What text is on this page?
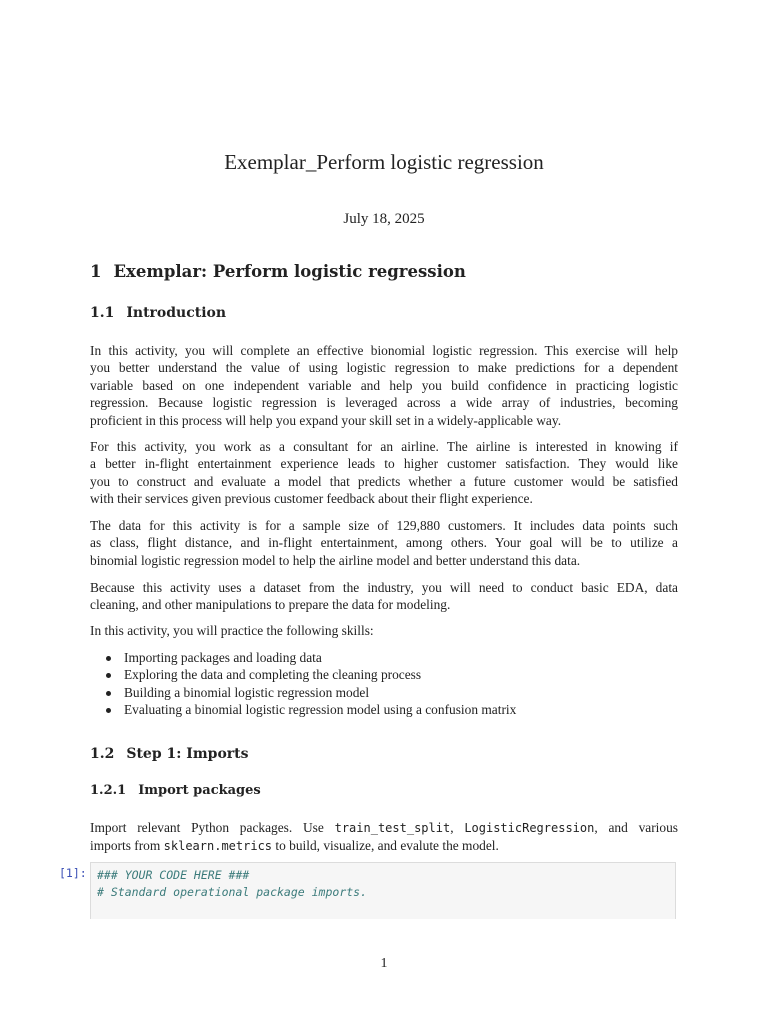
Exemplar_Perform logistic regression
July 18, 2025
1 Exemplar: Perform logistic regression
1.1 Introduction
In this activity, you will complete an effective bionomial logistic regression. This exercise will help
you better understand the value of using logistic regression to make predictions for a dependent
variable based on one independent variable and help you build confidence in practicing logistic
regression. Because logistic regression is leveraged across a wide array of industries, becoming
proficient in this process will help you expand your skill set in a widely-applicable way.
For this activity, you work as a consultant for an airline. The airline is interested in knowing if
a better in-flight entertainment experience leads to higher customer satisfaction. They would like
you to construct and evaluate a model that predicts whether a future customer would be satisfied
with their services given previous customer feedback about their flight experience.
The data for this activity is for a sample size of 129,880 customers. It includes data points such
as class, flight distance, and in-flight entertainment, among others. Your goal will be to utilize a
binomial logistic regression model to help the airline model and better understand this data.
Because this activity uses a dataset from the industry, you will need to conduct basic EDA, data
cleaning, and other manipulations to prepare the data for modeling.
In this activity, you will practice the following skills:
Importing packages and loading data
Exploring the data and completing the cleaning process
Building a binomial logistic regression model
Evaluating a binomial logistic regression model using a confusion matrix
1.2 Step 1: Imports
1.2.1 Import packages
Import relevant Python packages. Use train_test_split, LogisticRegression, and various
imports from sklearn.metrics to build, visualize, and evalute the model.
[1]: ### YOUR CODE HERE ###
# Standard operational package imports.
1
